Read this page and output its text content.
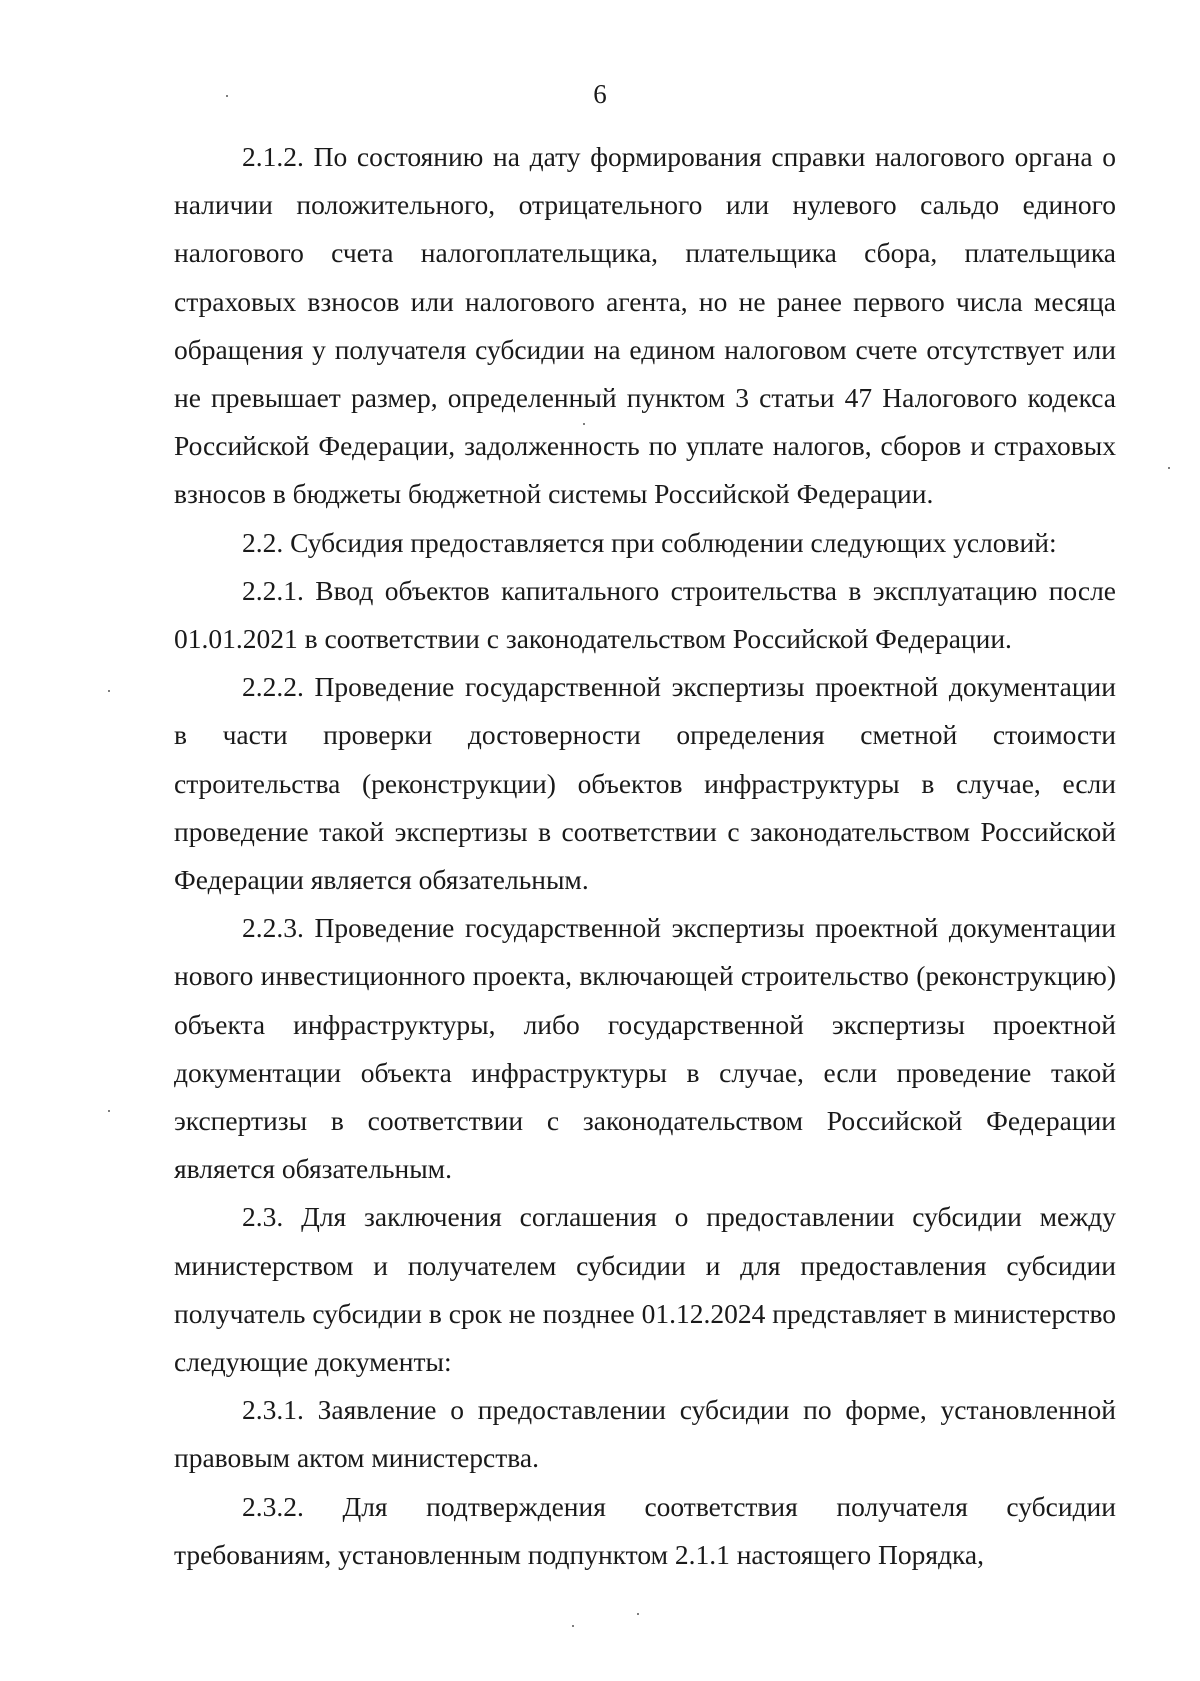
6

2.1.2. По состоянию на дату формирования справки налогового органа о наличии положительного, отрицательного или нулевого сальдо единого налогового счета налогоплательщика, плательщика сбора, плательщика страховых взносов или налогового агента, но не ранее первого числа месяца обращения у получателя субсидии на едином налоговом счете отсутствует или не превышает размер, определенный пунктом 3 статьи 47 Налогового кодекса Российской Федерации, задолженность по уплате налогов, сборов и страховых взносов в бюджеты бюджетной системы Российской Федерации.

2.2. Субсидия предоставляется при соблюдении следующих условий:

2.2.1. Ввод объектов капитального строительства в эксплуатацию после 01.01.2021 в соответствии с законодательством Российской Федерации.

2.2.2. Проведение государственной экспертизы проектной документации в части проверки достоверности определения сметной стоимости строительства (реконструкции) объектов инфраструктуры в случае, если проведение такой экспертизы в соответствии с законодательством Российской Федерации является обязательным.

2.2.3. Проведение государственной экспертизы проектной документации нового инвестиционного проекта, включающей строительство (реконструкцию) объекта инфраструктуры, либо государственной экспертизы проектной документации объекта инфраструктуры в случае, если проведение такой экспертизы в соответствии с законодательством Российской Федерации является обязательным.

2.3. Для заключения соглашения о предоставлении субсидии между министерством и получателем субсидии и для предоставления субсидии получатель субсидии в срок не позднее 01.12.2024 представляет в министерство следующие документы:

2.3.1. Заявление о предоставлении субсидии по форме, установленной правовым актом министерства.

2.3.2. Для подтверждения соответствия получателя субсидии требованиям, установленным подпунктом 2.1.1 настоящего Порядка,
